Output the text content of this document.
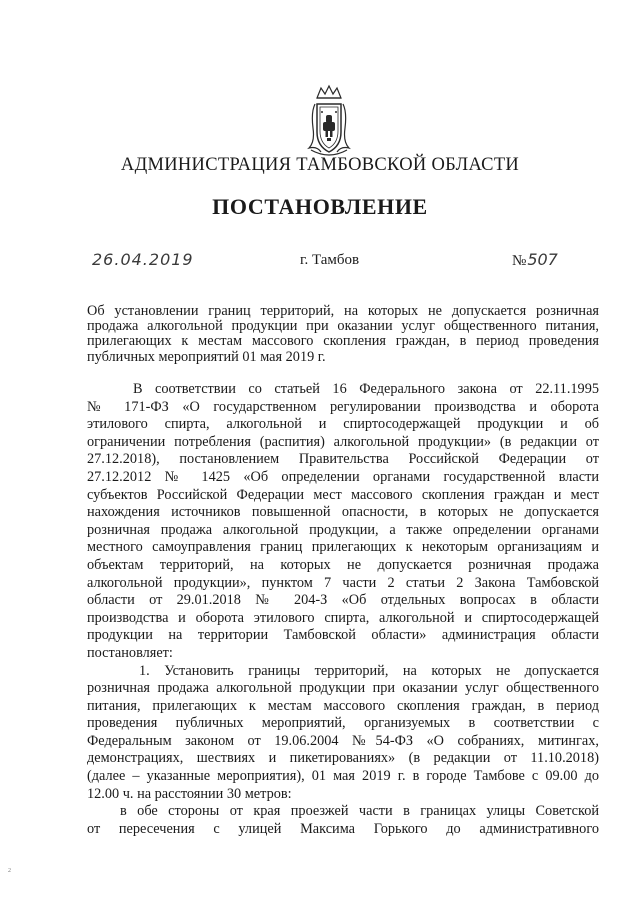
АДМИНИСТРАЦИЯ ТАМБОВСКОЙ ОБЛАСТИ
ПОСТАНОВЛЕНИЕ
26.04.2019	г. Тамбов	№507
Об установлении границ территорий, на которых не допускается розничная продажа алкогольной продукции при оказании услуг общественного питания, прилегающих к местам массового скопления граждан, в период проведения публичных мероприятий 01 мая 2019 г.

В соответствии со статьей 16 Федерального закона от 22.11.1995

№ 171-ФЗ «О государственном регулировании производства и оборота

этилового спирта, алкогольной и спиртосодержащей продукции и об

ограничении потребления (распития) алкогольной продукции» (в редакции от

27.12.2018), постановлением Правительства Российской Федерации от

27.12.2012 № 1425 «Об определении органами государственной власти

субъектов Российской Федерации мест массового скопления граждан и мест

нахождения источников повышенной опасности, в которых не допускается

розничная продажа алкогольной продукции, а также определении органами

местного самоуправления границ прилегающих к некоторым организациям и

объектам территорий, на которых не допускается розничная продажа

алкогольной продукции», пунктом 7 части 2 статьи 2 Закона Тамбовской

области от 29.01.2018 № 204-З «Об отдельных вопросах в области

производства и оборота этилового спирта, алкогольной и спиртосодержащей

продукции на территории Тамбовской области» администрация области

постановляет:

1. Установить границы территорий, на которых не допускается

розничная продажа алкогольной продукции при оказании услуг общественного

питания, прилегающих к местам массового скопления граждан, в период

проведения публичных мероприятий, организуемых в соответствии с

Федеральным законом от 19.06.2004 №54-ФЗ «О собраниях, митингах,

демонстрациях, шествиях и пикетированиях» (в редакции от 11.10.2018)

(далее – указанные мероприятия), 01 мая 2019 г. в городе Тамбове с 09.00 до

12.00 ч. на расстоянии 30 метров:

в обе стороны от края проезжей части в границах улицы Советской

от пересечения с улицей Максима Горького до административного

2
